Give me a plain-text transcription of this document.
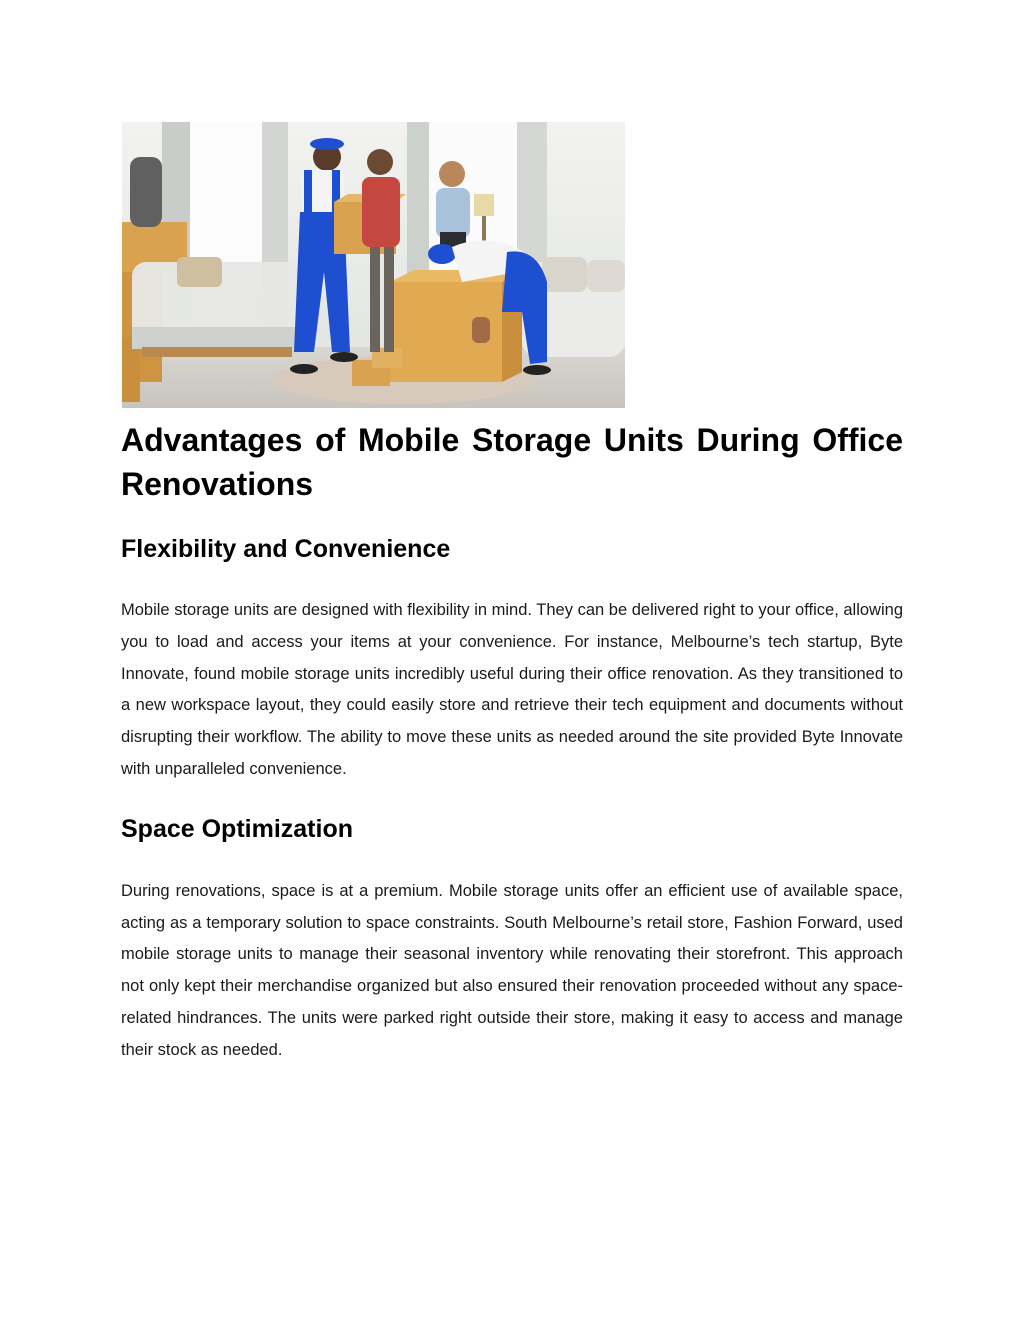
Advantages of Mobile Storage Units During Office Renovations
Flexibility and Convenience

Mobile storage units are designed with flexibility in mind. They can be delivered right to your office, allowing you to load and access your items at your convenience. For instance, Melbourne’s tech startup, Byte Innovate, found mobile storage units incredibly useful during their office renovation. As they transitioned to a new workspace layout, they could easily store and retrieve their tech equipment and documents without disrupting their workflow. The ability to move these units as needed around the site provided Byte Innovate with unparalleled convenience.

Space Optimization

During renovations, space is at a premium. Mobile storage units offer an efficient use of available space, acting as a temporary solution to space constraints. South Melbourne’s retail store, Fashion Forward, used mobile storage units to manage their seasonal inventory while renovating their storefront. This approach not only kept their merchandise organized but also ensured their renovation proceeded without any space-related hindrances. The units were parked right outside their store, making it easy to access and manage their stock as needed.
